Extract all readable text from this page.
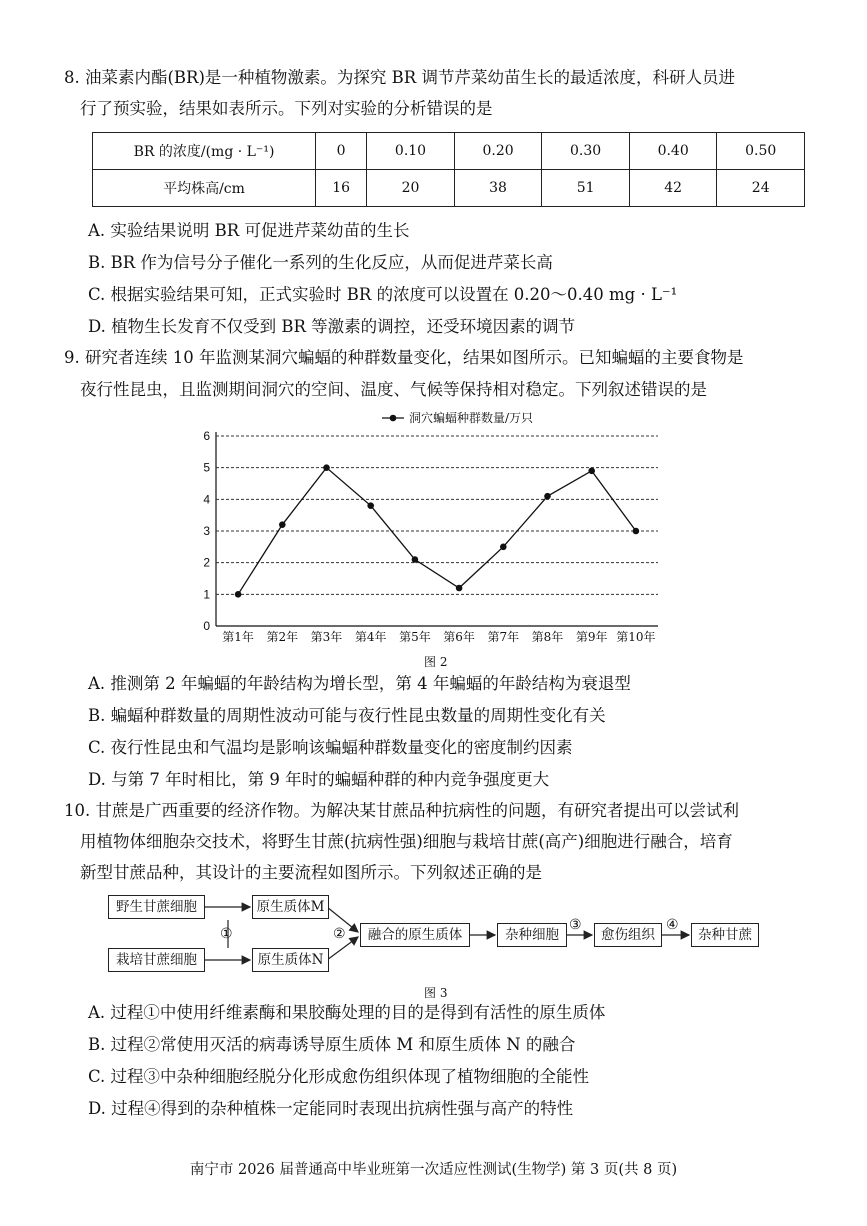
8. 油菜素内酯(BR)是一种植物激素。为探究 BR 调节芹菜幼苗生长的最适浓度，科研人员进
行了预实验，结果如表所示。下列对实验的分析错误的是
BR 的浓度/(mg · L⁻¹)	0	0.10	0.20	0.30	0.40	0.50
平均株高/cm	16	20	38	51	42	24
A. 实验结果说明 BR 可促进芹菜幼苗的生长
B. BR 作为信号分子催化一系列的生化反应，从而促进芹菜长高
C. 根据实验结果可知，正式实验时 BR 的浓度可以设置在 0.20～0.40 mg · L⁻¹
D. 植物生长发育不仅受到 BR 等激素的调控，还受环境因素的调节
9. 研究者连续 10 年监测某洞穴蝙蝠的种群数量变化，结果如图所示。已知蝙蝠的主要食物是
夜行性昆虫，且监测期间洞穴的空间、温度、气候等保持相对稳定。下列叙述错误的是
0
1
2
3
4
5
6
第1年 第2年 第3年 第4年 第5年 第6年 第7年 第8年 第9年 第10年
洞穴蝙蝠种群数量/万只
图 2
A. 推测第 2 年蝙蝠的年龄结构为增长型，第 4 年蝙蝠的年龄结构为衰退型
B. 蝙蝠种群数量的周期性波动可能与夜行性昆虫数量的周期性变化有关
C. 夜行性昆虫和气温均是影响该蝙蝠种群数量变化的密度制约因素
D. 与第 7 年时相比，第 9 年时的蝙蝠种群的种内竞争强度更大
10. 甘蔗是广西重要的经济作物。为解决某甘蔗品种抗病性的问题，有研究者提出可以尝试利
用植物体细胞杂交技术，将野生甘蔗(抗病性强)细胞与栽培甘蔗(高产)细胞进行融合，培育
新型甘蔗品种，其设计的主要流程如图所示。下列叙述正确的是
野生甘蔗细胞
栽培甘蔗细胞
原生质体M
原生质体N
①	②	融合的原生质体	杂种细胞
③
愈伤组织
④
杂种甘蔗
图 3
A. 过程①中使用纤维素酶和果胶酶处理的目的是得到有活性的原生质体
B. 过程②常使用灭活的病毒诱导原生质体 M 和原生质体 N 的融合
C. 过程③中杂种细胞经脱分化形成愈伤组织体现了植物细胞的全能性
D. 过程④得到的杂种植株一定能同时表现出抗病性强与高产的特性
南宁市 2026 届普通高中毕业班第一次适应性测试(生物学) 第 3 页(共 8 页)
